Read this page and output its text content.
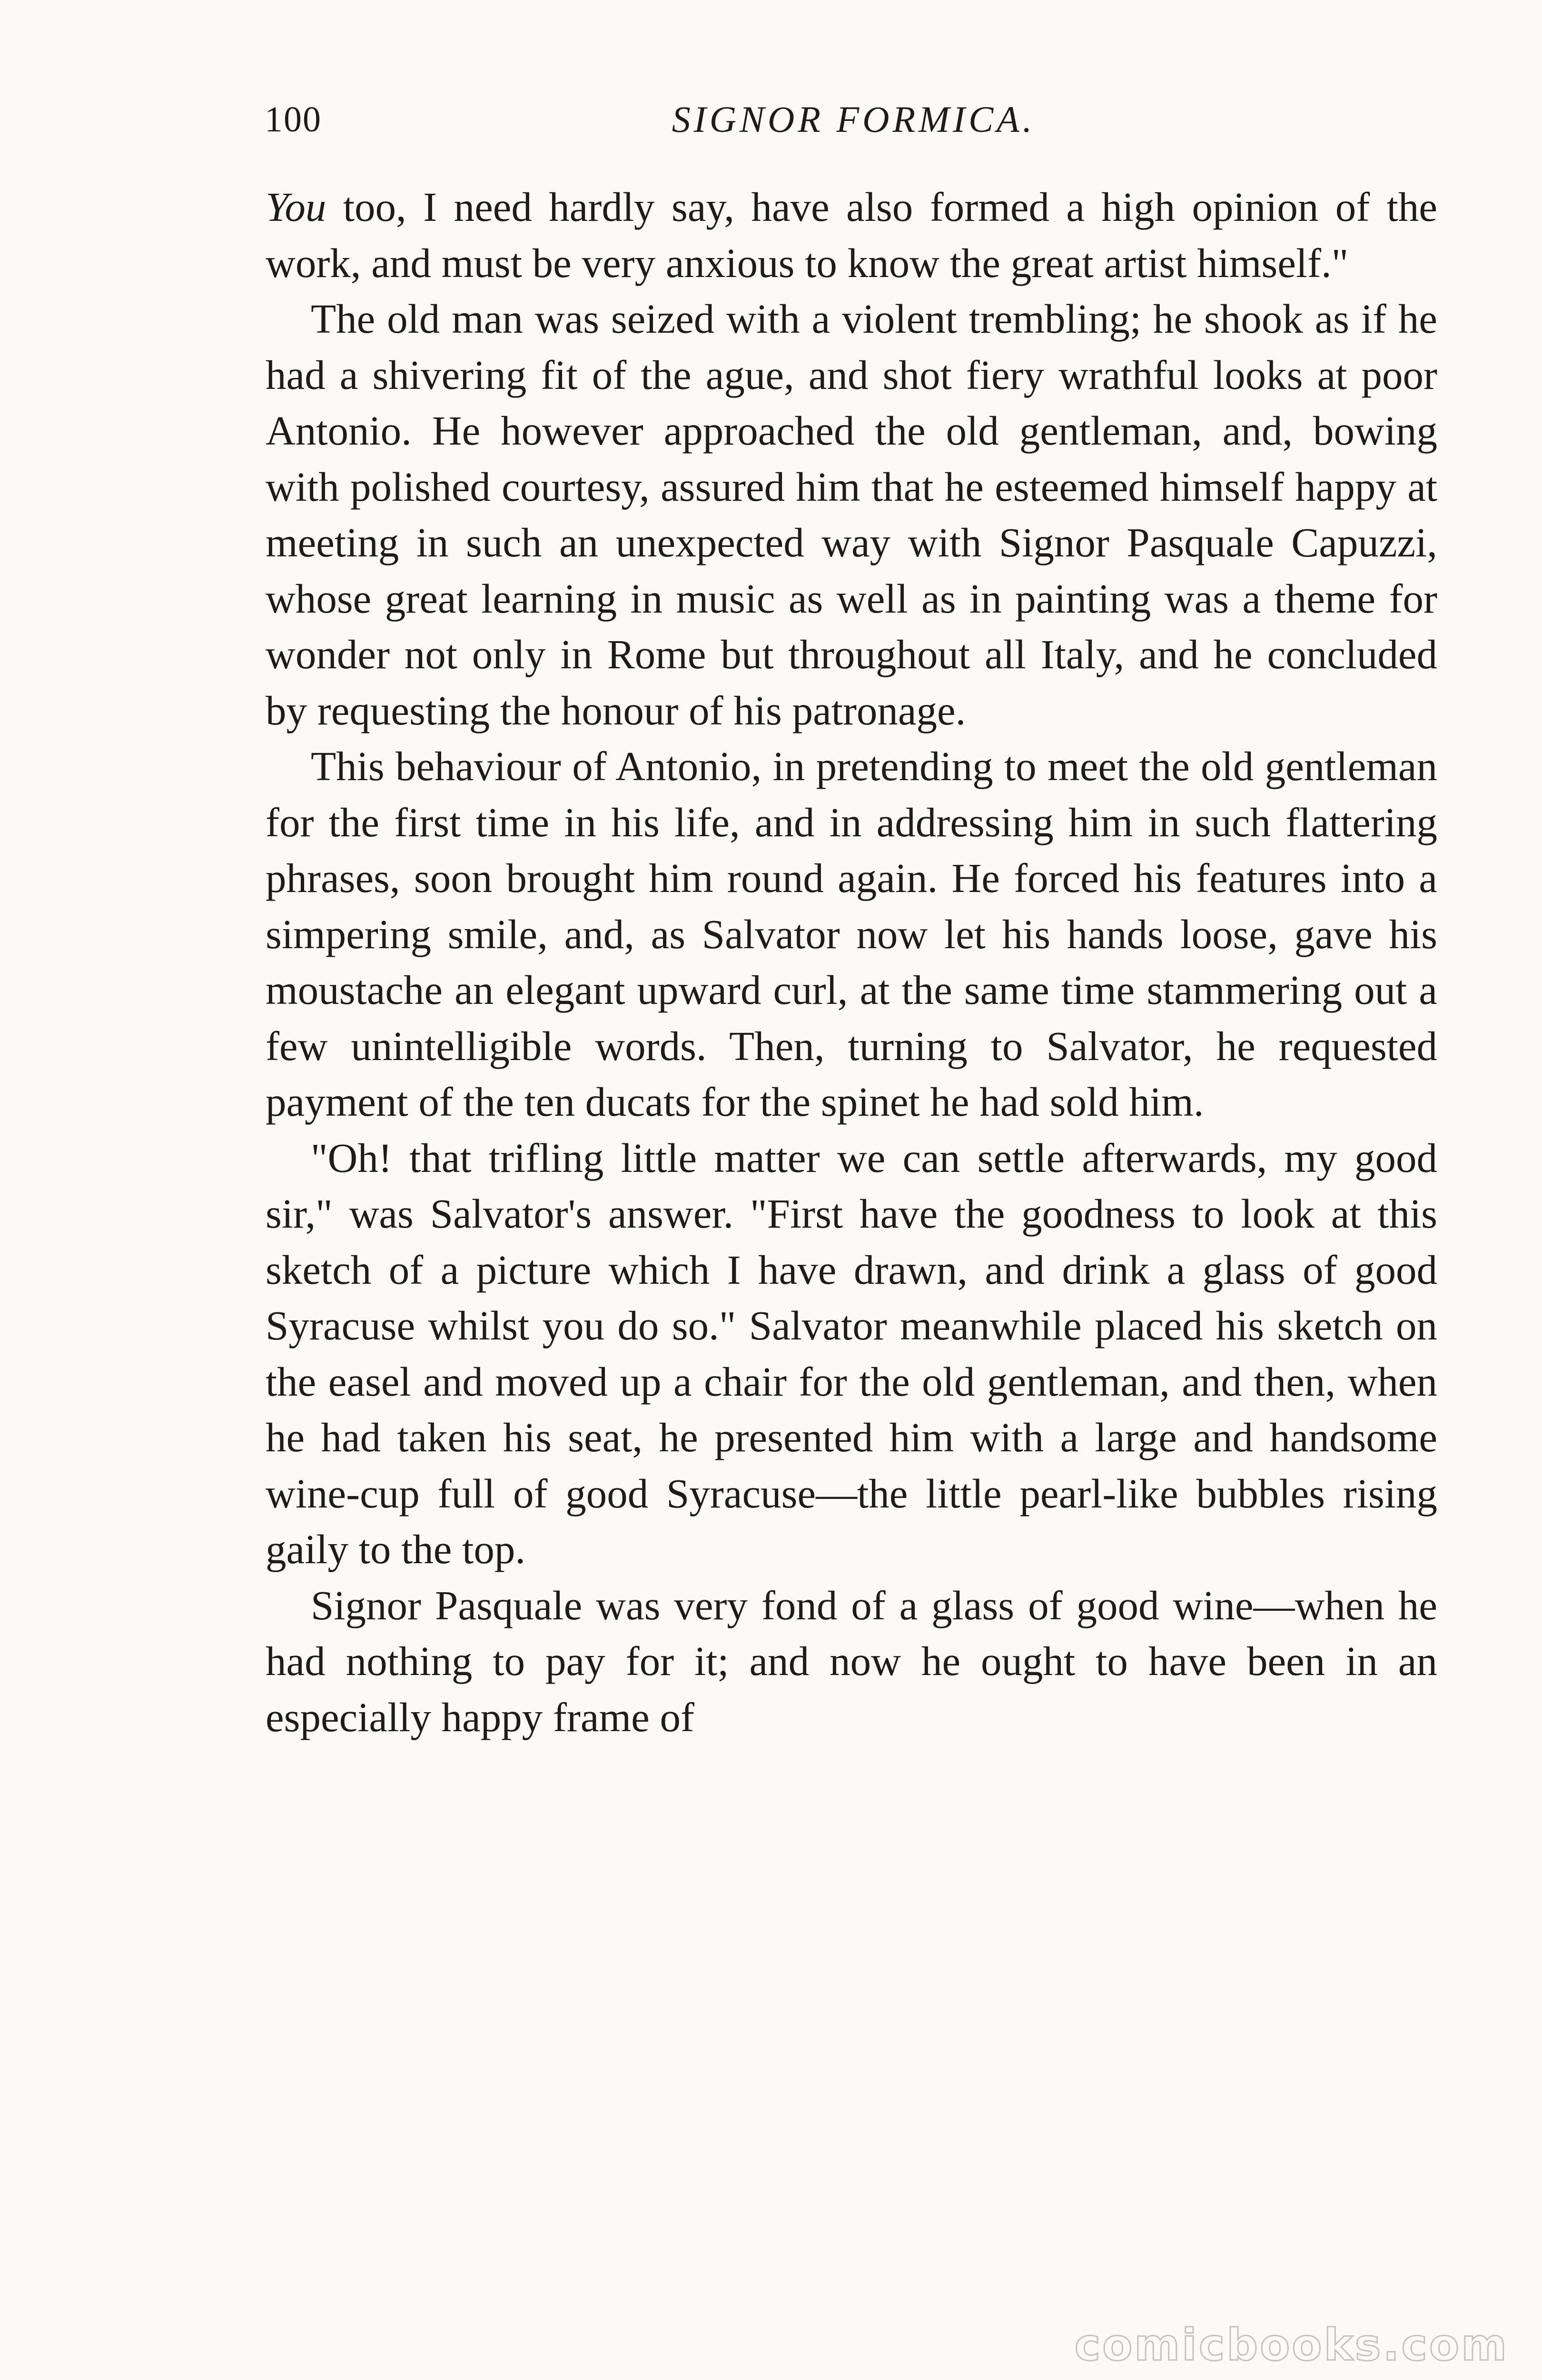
100	SIGNOR FORMICA.

You too, I need hardly say, have also formed a high opinion of the work, and must be very anxious to know the great artist himself."

The old man was seized with a violent trembling; he shook as if he had a shivering fit of the ague, and shot fiery wrathful looks at poor Antonio. He however approached the old gentleman, and, bowing with polished courtesy, assured him that he esteemed himself happy at meeting in such an unexpected way with Signor Pasquale Capuzzi, whose great learning in music as well as in painting was a theme for wonder not only in Rome but throughout all Italy, and he concluded by requesting the honour of his patronage.

This behaviour of Antonio, in pretending to meet the old gentleman for the first time in his life, and in addressing him in such flattering phrases, soon brought him round again. He forced his features into a simpering smile, and, as Salvator now let his hands loose, gave his moustache an elegant upward curl, at the same time stammering out a few unintelligible words. Then, turning to Salvator, he requested payment of the ten ducats for the spinet he had sold him.

"Oh! that trifling little matter we can settle afterwards, my good sir," was Salvator's answer. "First have the goodness to look at this sketch of a picture which I have drawn, and drink a glass of good Syracuse whilst you do so." Salvator meanwhile placed his sketch on the easel and moved up a chair for the old gentleman, and then, when he had taken his seat, he presented him with a large and handsome wine-cup full of good Syracuse—the little pearl-like bubbles rising gaily to the top.

Signor Pasquale was very fond of a glass of good wine—when he had nothing to pay for it; and now he ought to have been in an especially happy frame of

comicbooks.com
